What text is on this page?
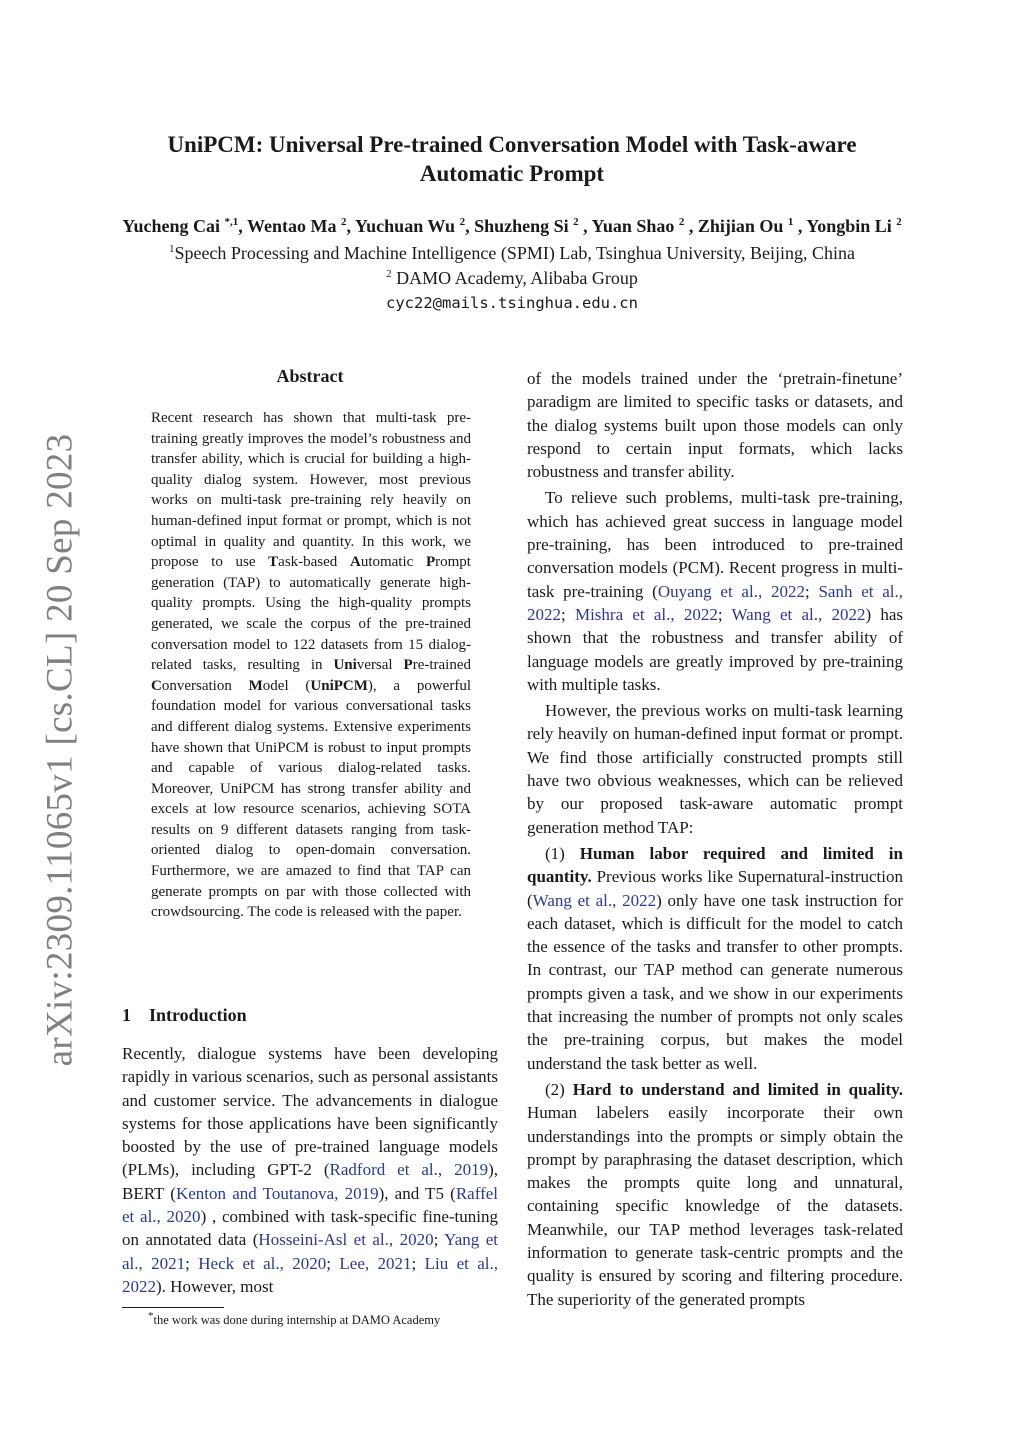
UniPCM: Universal Pre-trained Conversation Model with Task-aware
Automatic Prompt
Yucheng Cai $^{*,1}$, Wentao Ma $^2$, Yuchuan Wu $^2$, Shuzheng Si $^2$ , Yuan Shao $^2$ , Zhijian Ou $^1$ , Yongbin Li $^2$
$^1$Speech Processing and Machine Intelligence (SPMI) Lab, Tsinghua University, Beijing, China
$^2$ DAMO Academy, Alibaba Group
cyc22@mails.tsinghua.edu.cn
arXiv:2309.11065v1 [cs.CL] 20 Sep 2023
Abstract
Recent research has shown that multi-task pre-training greatly improves the model’s robustness and transfer ability, which is crucial for building a high-quality dialog system. However, most previous works on multi-task pre-training rely heavily on human-defined input format or prompt, which is not optimal in quality and quantity. In this work, we propose to use Task-based Automatic Prompt generation (TAP) to automatically generate high-quality prompts. Using the high-quality prompts generated, we scale the corpus of the pre-trained conversation model to 122 datasets from 15 dialog-related tasks, resulting in Universal Pre-trained Conversation Model (UniPCM), a powerful foundation model for various conversational tasks and different dialog systems. Extensive experiments have shown that UniPCM is robust to input prompts and capable of various dialog-related tasks. Moreover, UniPCM has strong transfer ability and excels at low resource scenarios, achieving SOTA results on 9 different datasets ranging from task-oriented dialog to open-domain conversation. Furthermore, we are amazed to find that TAP can generate prompts on par with those collected with crowdsourcing. The code is released with the paper.
1 Introduction

Recently, dialogue systems have been developing rapidly in various scenarios, such as personal assistants and customer service. The advancements in dialogue systems for those applications have been significantly boosted by the use of pre-trained language models (PLMs), including GPT-2 (Radford et al., 2019), BERT (Kenton and Toutanova, 2019), and T5 (Raffel et al., 2020) , combined with task-specific fine-tuning on annotated data (Hosseini-Asl et al., 2020; Yang et al., 2021; Heck et al., 2020; Lee, 2021; Liu et al., 2022). However, most

of the models trained under the ‘pretrain-finetune’ paradigm are limited to specific tasks or datasets, and the dialog systems built upon those models can only respond to certain input formats, which lacks robustness and transfer ability.

To relieve such problems, multi-task pre-training, which has achieved great success in language model pre-training, has been introduced to pre-trained conversation models (PCM). Recent progress in multi-task pre-training (Ouyang et al., 2022; Sanh et al., 2022; Mishra et al., 2022; Wang et al., 2022) has shown that the robustness and transfer ability of language models are greatly improved by pre-training with multiple tasks.

However, the previous works on multi-task learning rely heavily on human-defined input format or prompt. We find those artificially constructed prompts still have two obvious weaknesses, which can be relieved by our proposed task-aware automatic prompt generation method TAP:

(1) Human labor required and limited in quantity. Previous works like Supernatural-instruction (Wang et al., 2022) only have one task instruction for each dataset, which is difficult for the model to catch the essence of the tasks and transfer to other prompts. In contrast, our TAP method can generate numerous prompts given a task, and we show in our experiments that increasing the number of prompts not only scales the pre-training corpus, but makes the model understand the task better as well.

(2) Hard to understand and limited in quality. Human labelers easily incorporate their own understandings into the prompts or simply obtain the prompt by paraphrasing the dataset description, which makes the prompts quite long and unnatural, containing specific knowledge of the datasets. Meanwhile, our TAP method leverages task-related information to generate task-centric prompts and the quality is ensured by scoring and filtering procedure. The superiority of the generated prompts

*the work was done during internship at DAMO Academy
